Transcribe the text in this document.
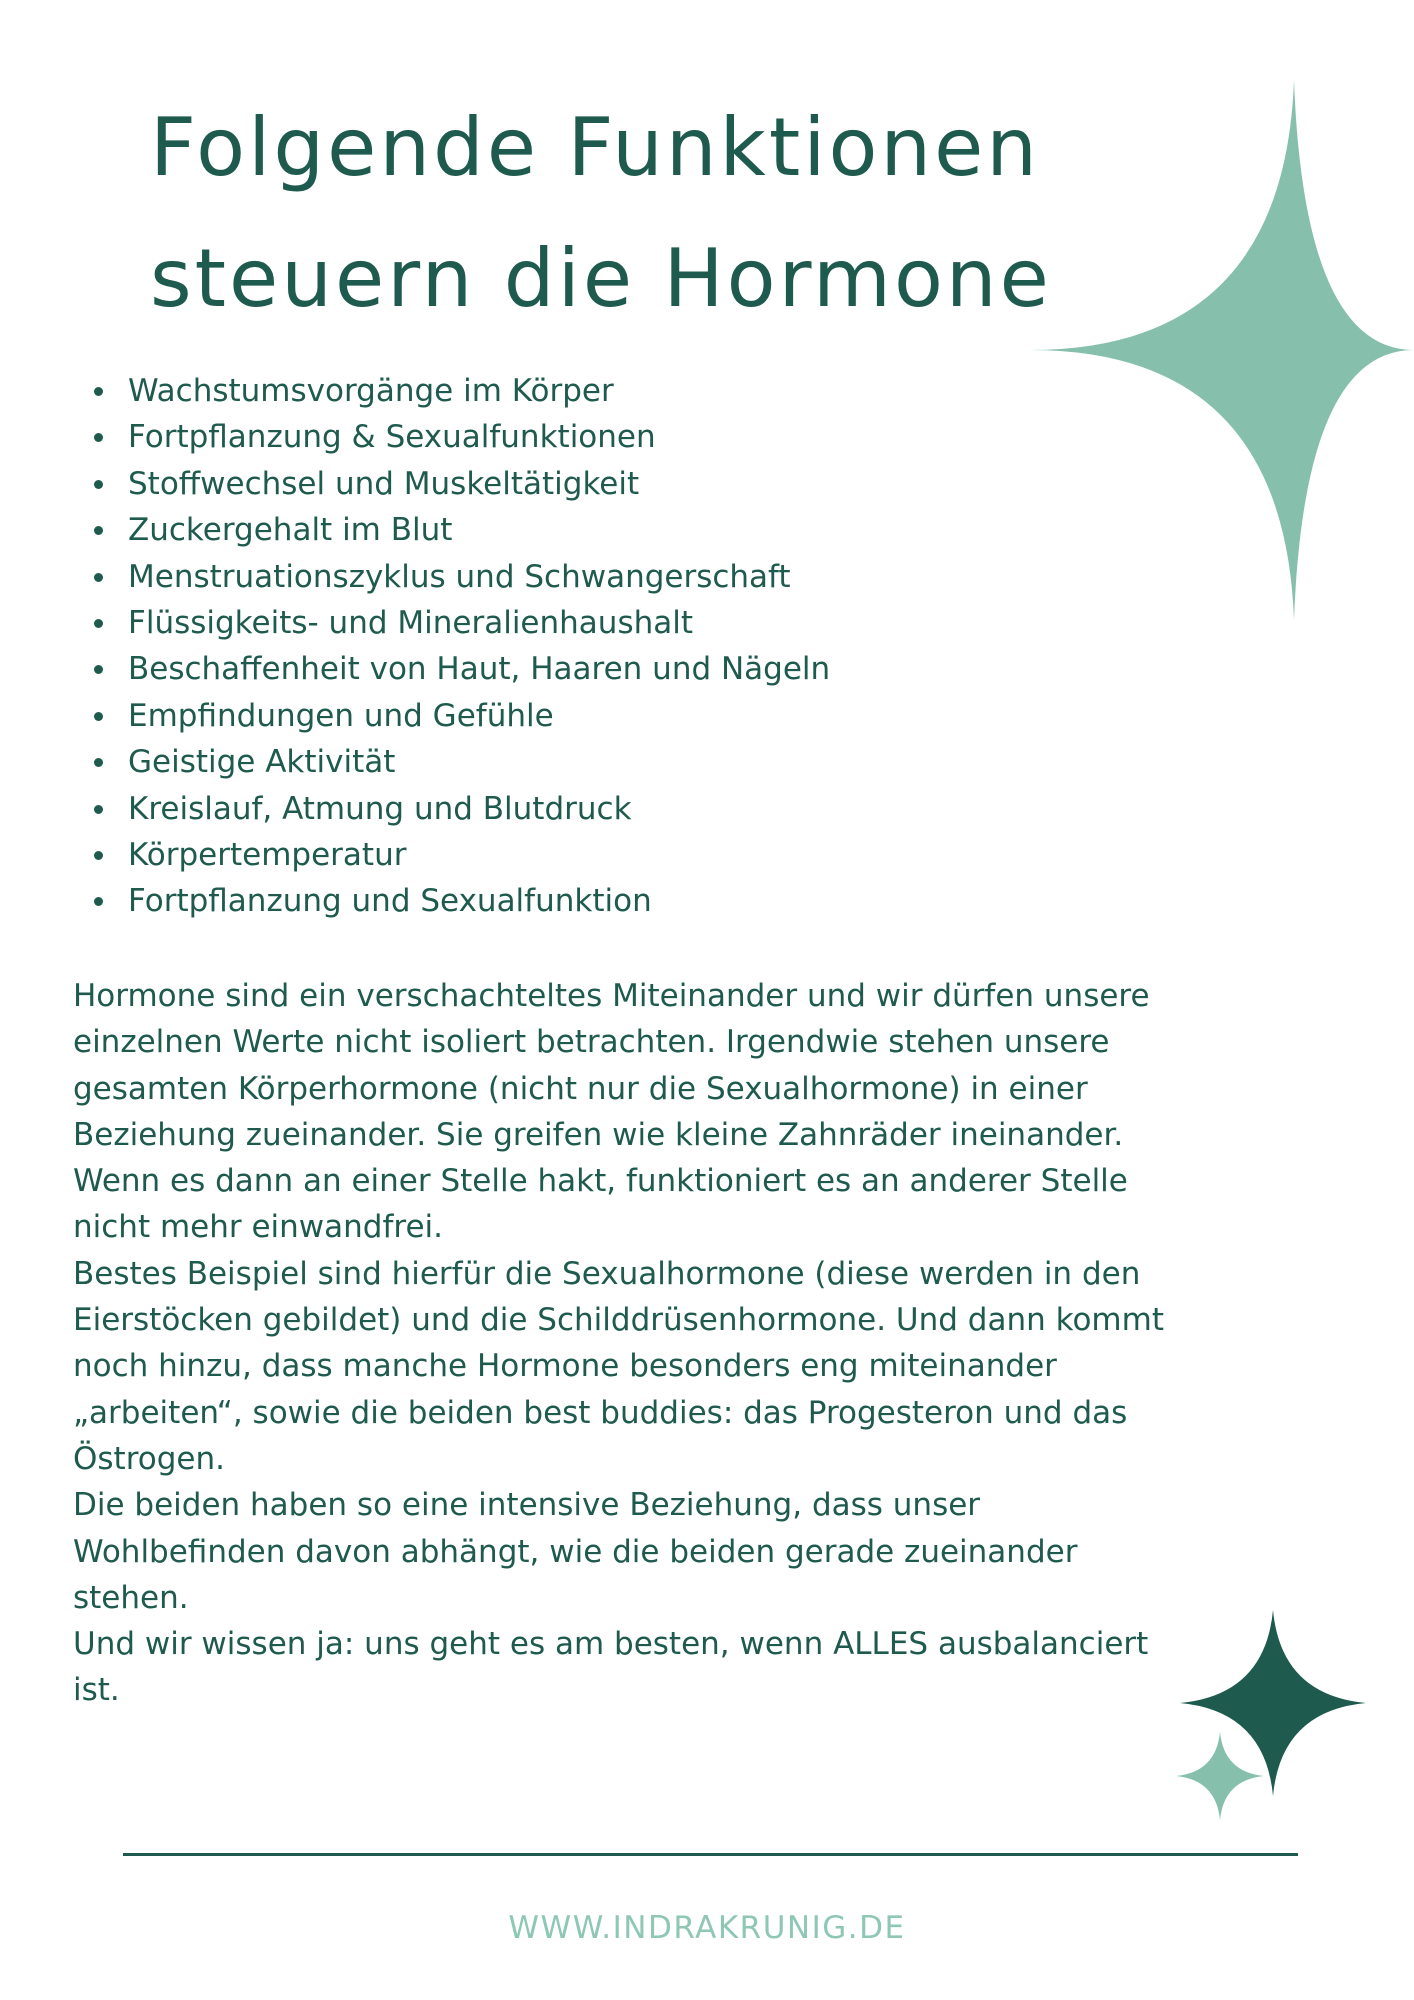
Folgende Funktionen
steuern die Hormone
Wachstumsvorgänge im Körper
Fortpflanzung & Sexualfunktionen
Stoffwechsel und Muskeltätigkeit
Zuckergehalt im Blut
Menstruationszyklus und Schwangerschaft
Flüssigkeits- und Mineralienhaushalt
Beschaffenheit von Haut, Haaren und Nägeln
Empfindungen und Gefühle
Geistige Aktivität
Kreislauf, Atmung und Blutdruck
Körpertemperatur
Fortpflanzung und Sexualfunktion
Hormone sind ein verschachteltes Miteinander und wir dürfen unsere
einzelnen Werte nicht isoliert betrachten. Irgendwie stehen unsere
gesamten Körperhormone (nicht nur die Sexualhormone) in einer
Beziehung zueinander. Sie greifen wie kleine Zahnräder ineinander.
Wenn es dann an einer Stelle hakt, funktioniert es an anderer Stelle
nicht mehr einwandfrei.
Bestes Beispiel sind hierfür die Sexualhormone (diese werden in den
Eierstöcken gebildet) und die Schilddrüsenhormone. Und dann kommt
noch hinzu, dass manche Hormone besonders eng miteinander
„arbeiten“, sowie die beiden best buddies: das Progesteron und das
Östrogen.
Die beiden haben so eine intensive Beziehung, dass unser
Wohlbefinden davon abhängt, wie die beiden gerade zueinander
stehen.
Und wir wissen ja: uns geht es am besten, wenn ALLES ausbalanciert
ist.
WWW.INDRAKRUNIG.DE
